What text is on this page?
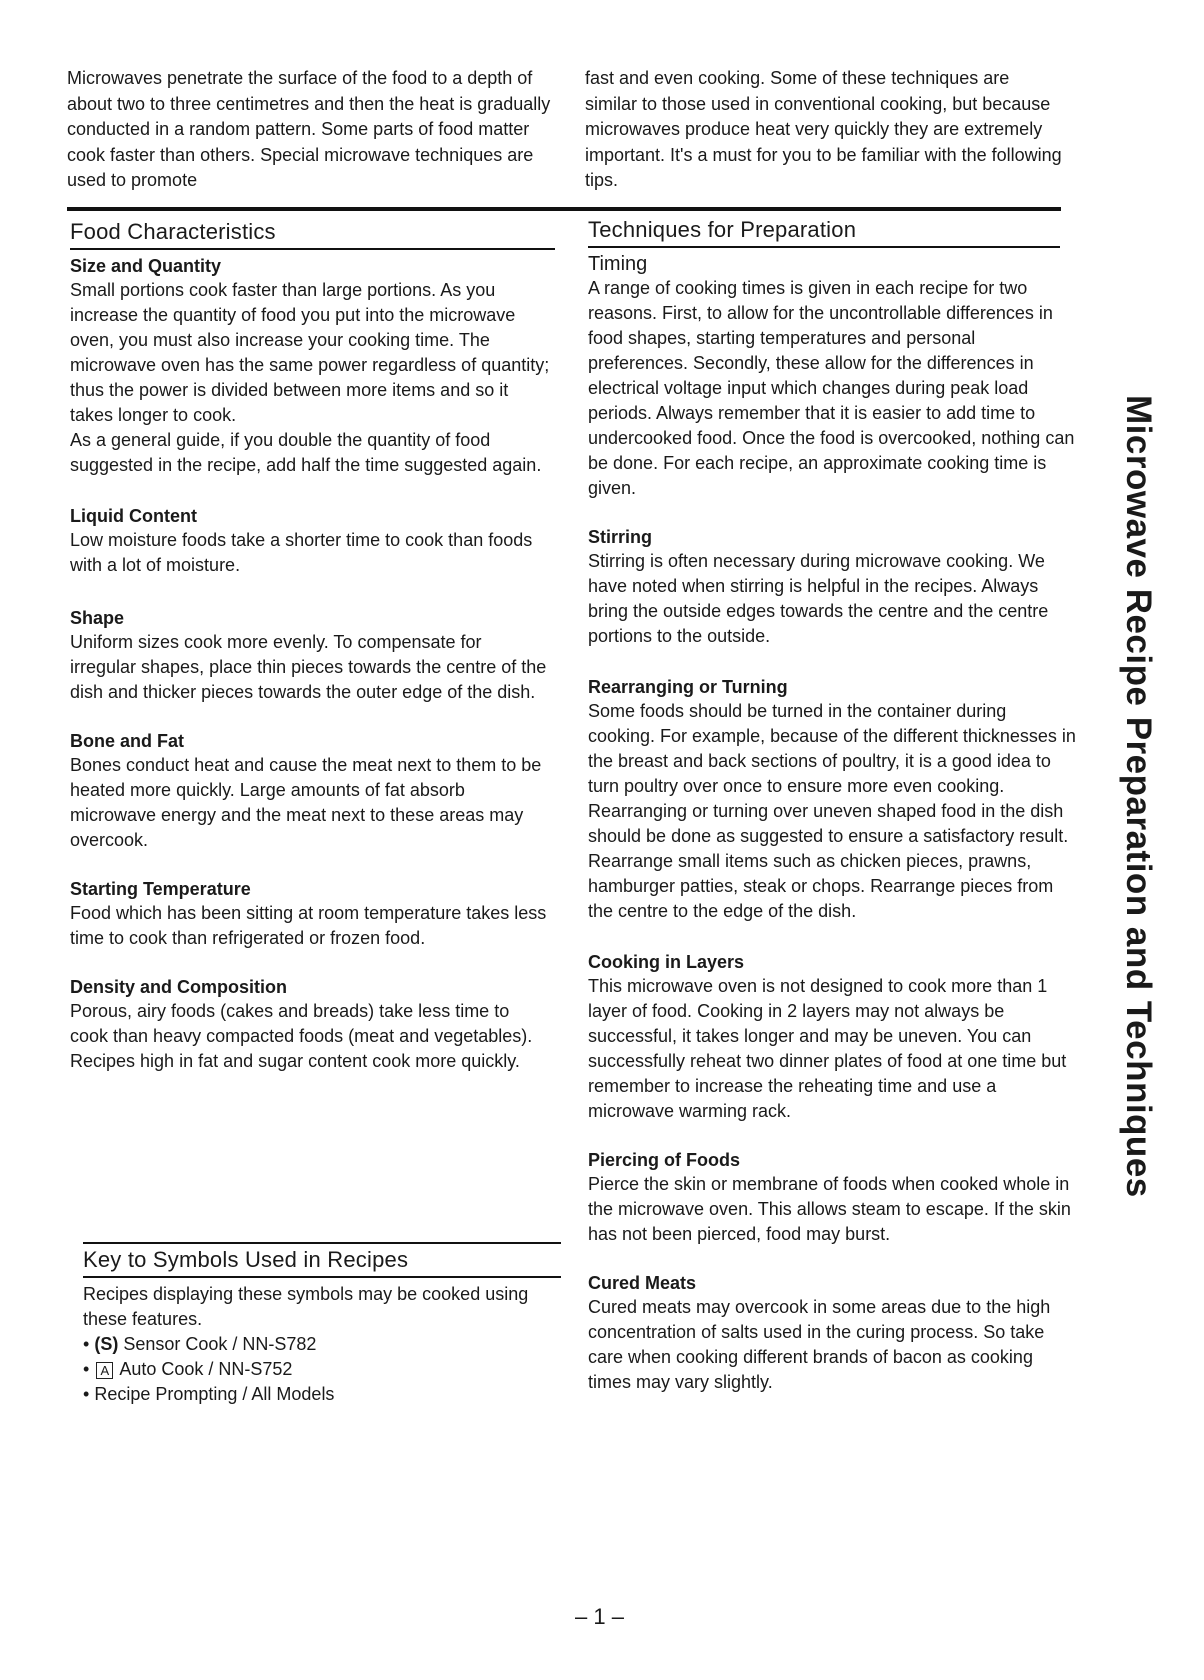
Microwaves penetrate the surface of the food to a depth of about two to three centimetres and then the heat is gradually conducted in a random pattern. Some parts of food matter cook faster than others. Special microwave techniques are used to promote
fast and even cooking. Some of these techniques are similar to those used in conventional cooking, but because microwaves produce heat very quickly they are extremely important. It's a must for you to be familiar with the following tips.
Food Characteristics
Size and Quantity

Small portions cook faster than large portions. As you increase the quantity of food you put into the microwave oven, you must also increase your cooking time. The microwave oven has the same power regardless of quantity; thus the power is divided between more items and so it takes longer to cook.
As a general guide, if you double the quantity of food suggested in the recipe, add half the time suggested again.

Liquid Content

Low moisture foods take a shorter time to cook than foods with a lot of moisture.

Shape

Uniform sizes cook more evenly. To compensate for irregular shapes, place thin pieces towards the centre of the dish and thicker pieces towards the outer edge of the dish.

Bone and Fat

Bones conduct heat and cause the meat next to them to be heated more quickly. Large amounts of fat absorb microwave energy and the meat next to these areas may overcook.

Starting Temperature

Food which has been sitting at room temperature takes less time to cook than refrigerated or frozen food.

Density and Composition

Porous, airy foods (cakes and breads) take less time to cook than heavy compacted foods (meat and vegetables). Recipes high in fat and sugar content cook more quickly.

Key to Symbols Used in Recipes

Recipes displaying these symbols may be cooked using these features.

• (S) Sensor Cook / NN-S782
• A Auto Cook / NN-S752
• Recipe Prompting / All Models
Techniques for Preparation
Timing

A range of cooking times is given in each recipe for two reasons. First, to allow for the uncontrollable differences in food shapes, starting temperatures and personal preferences. Secondly, these allow for the differences in electrical voltage input which changes during peak load periods. Always remember that it is easier to add time to undercooked food. Once the food is overcooked, nothing can be done. For each recipe, an approximate cooking time is given.

Stirring

Stirring is often necessary during microwave cooking. We have noted when stirring is helpful in the recipes. Always bring the outside edges towards the centre and the centre portions to the outside.

Rearranging or Turning

Some foods should be turned in the container during cooking. For example, because of the different thicknesses in the breast and back sections of poultry, it is a good idea to turn poultry over once to ensure more even cooking. Rearranging or turning over uneven shaped food in the dish should be done as suggested to ensure a satisfactory result. Rearrange small items such as chicken pieces, prawns, hamburger patties, steak or chops. Rearrange pieces from the centre to the edge of the dish.

Cooking in Layers

This microwave oven is not designed to cook more than 1 layer of food. Cooking in 2 layers may not always be successful, it takes longer and may be uneven. You can successfully reheat two dinner plates of food at one time but remember to increase the reheating time and use a microwave warming rack.

Piercing of Foods

Pierce the skin or membrane of foods when cooked whole in the microwave oven. This allows steam to escape. If the skin has not been pierced, food may burst.

Cured Meats

Cured meats may overcook in some areas due to the high concentration of salts used in the curing process. So take care when cooking different brands of bacon as cooking times may vary slightly.

Microwave Recipe Preparation and Techniques
– 1 –
